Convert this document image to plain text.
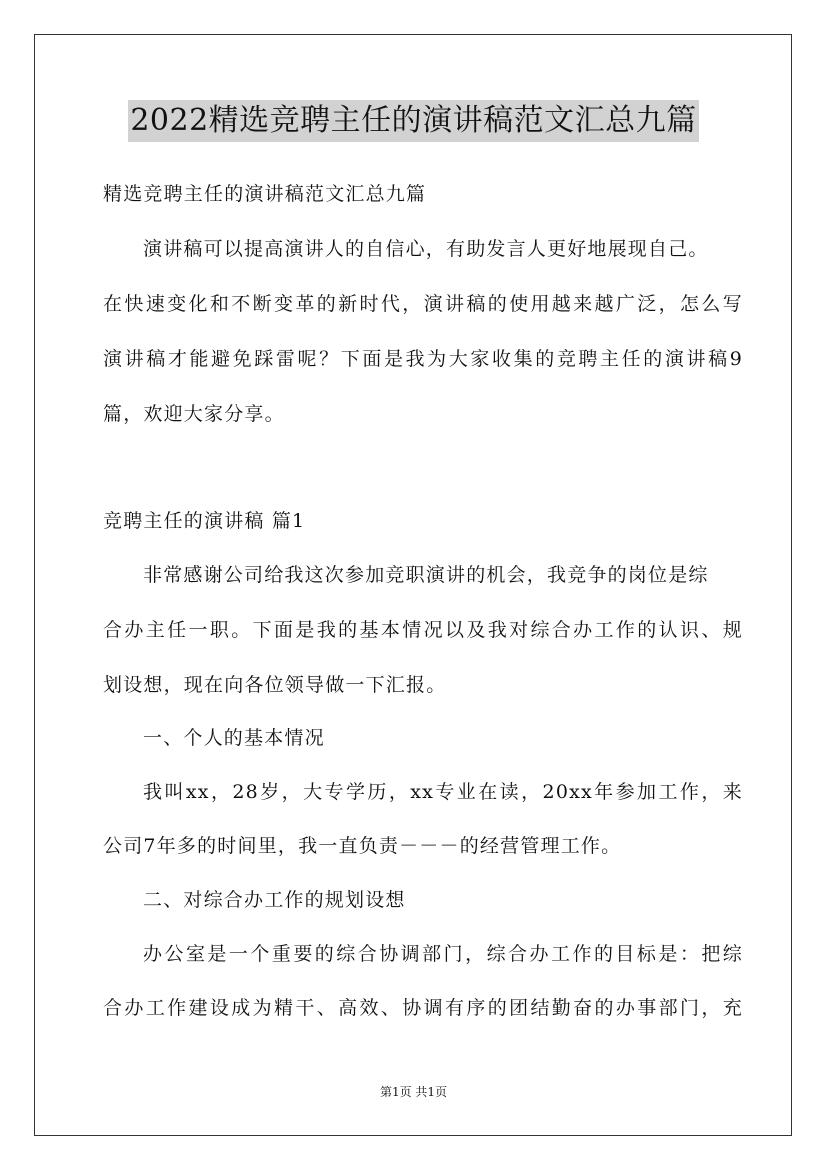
2022精选竞聘主任的演讲稿范文汇总九篇
精选竞聘主任的演讲稿范文汇总九篇
演讲稿可以提高演讲人的自信心，有助发言人更好地展现自己。
在快速变化和不断变革的新时代，演讲稿的使用越来越广泛，怎么写
演讲稿才能避免踩雷呢？下面是我为大家收集的竞聘主任的演讲稿9
篇，欢迎大家分享。
竞聘主任的演讲稿 篇1
非常感谢公司给我这次参加竞职演讲的机会，我竞争的岗位是综
合办主任一职。下面是我的基本情况以及我对综合办工作的认识、规
划设想，现在向各位领导做一下汇报。
一、个人的基本情况
我叫xx，28岁，大专学历，xx专业在读，20xx年参加工作，来
公司7年多的时间里，我一直负责－－－的经营管理工作。
二、对综合办工作的规划设想
办公室是一个重要的综合协调部门，综合办工作的目标是：把综
合办工作建设成为精干、高效、协调有序的团结勤奋的办事部门，充
第1页 共1页
